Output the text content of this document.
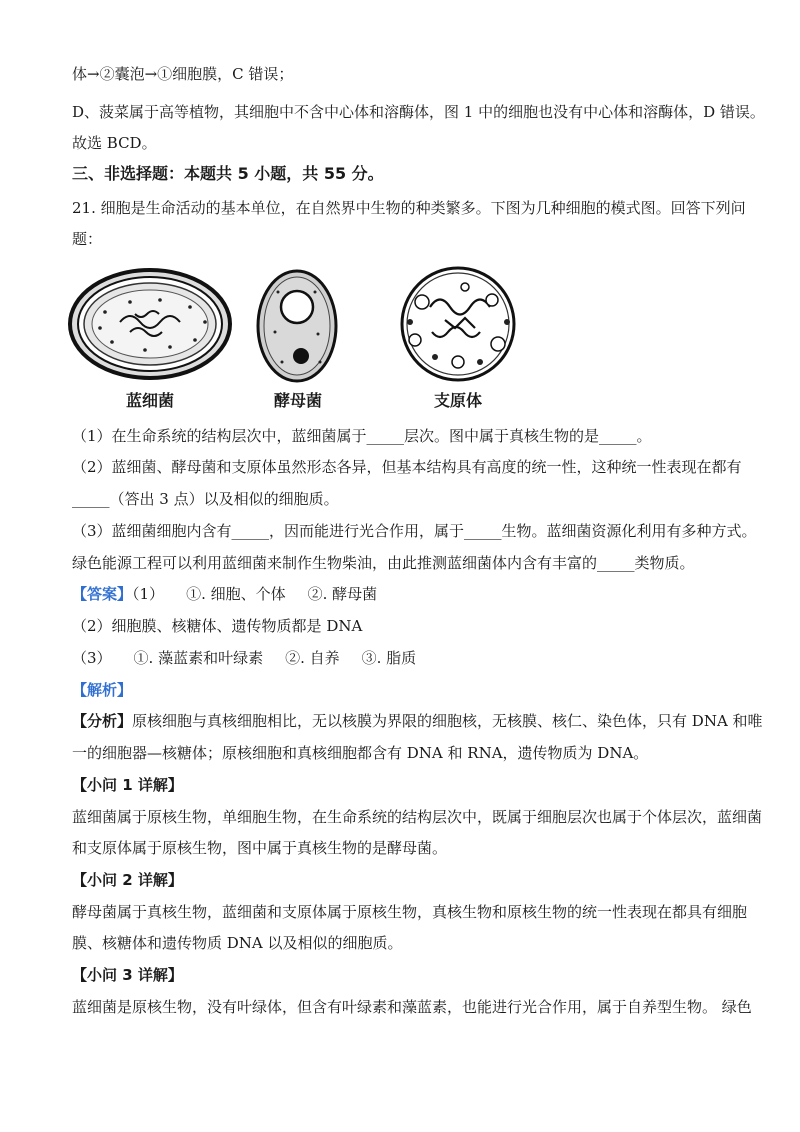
体→②囊泡→①细胞膜，C 错误；
D、菠菜属于高等植物，其细胞中不含中心体和溶酶体，图 1 中的细胞也没有中心体和溶酶体，D 错误。
故选 BCD。
三、非选择题：本题共 5 小题，共 55 分。
21. 细胞是生命活动的基本单位，在自然界中生物的种类繁多。下图为几种细胞的模式图。回答下列问
题：
蓝细菌	酵母菌	支原体
（1）在生命系统的结构层次中，蓝细菌属于_____层次。图中属于真核生物的是_____。
（2）蓝细菌、酵母菌和支原体虽然形态各异，但基本结构具有高度的统一性，这种统一性表现在都有
_____（答出 3 点）以及相似的细胞质。
（3）蓝细菌细胞内含有_____，因而能进行光合作用，属于_____生物。蓝细菌资源化利用有多种方式。
绿色能源工程可以利用蓝细菌来制作生物柴油，由此推测蓝细菌体内含有丰富的_____类物质。
【答案】（1） ①. 细胞、个体 ②. 酵母菌
（2）细胞膜、核糖体、遗传物质都是 DNA
（3） ①. 藻蓝素和叶绿素 ②. 自养 ③. 脂质
【解析】
【分析】原核细胞与真核细胞相比，无以核膜为界限的细胞核，无核膜、核仁、染色体，只有 DNA 和唯
一的细胞器—核糖体；原核细胞和真核细胞都含有 DNA 和 RNA，遗传物质为 DNA。
【小问 1 详解】
蓝细菌属于原核生物，单细胞生物，在生命系统的结构层次中，既属于细胞层次也属于个体层次，蓝细菌
和支原体属于原核生物，图中属于真核生物的是酵母菌。
【小问 2 详解】
酵母菌属于真核生物，蓝细菌和支原体属于原核生物，真核生物和原核生物的统一性表现在都具有细胞
膜、核糖体和遗传物质 DNA 以及相似的细胞质。
【小问 3 详解】
蓝细菌是原核生物，没有叶绿体，但含有叶绿素和藻蓝素，也能进行光合作用，属于自养型生物。 绿色
